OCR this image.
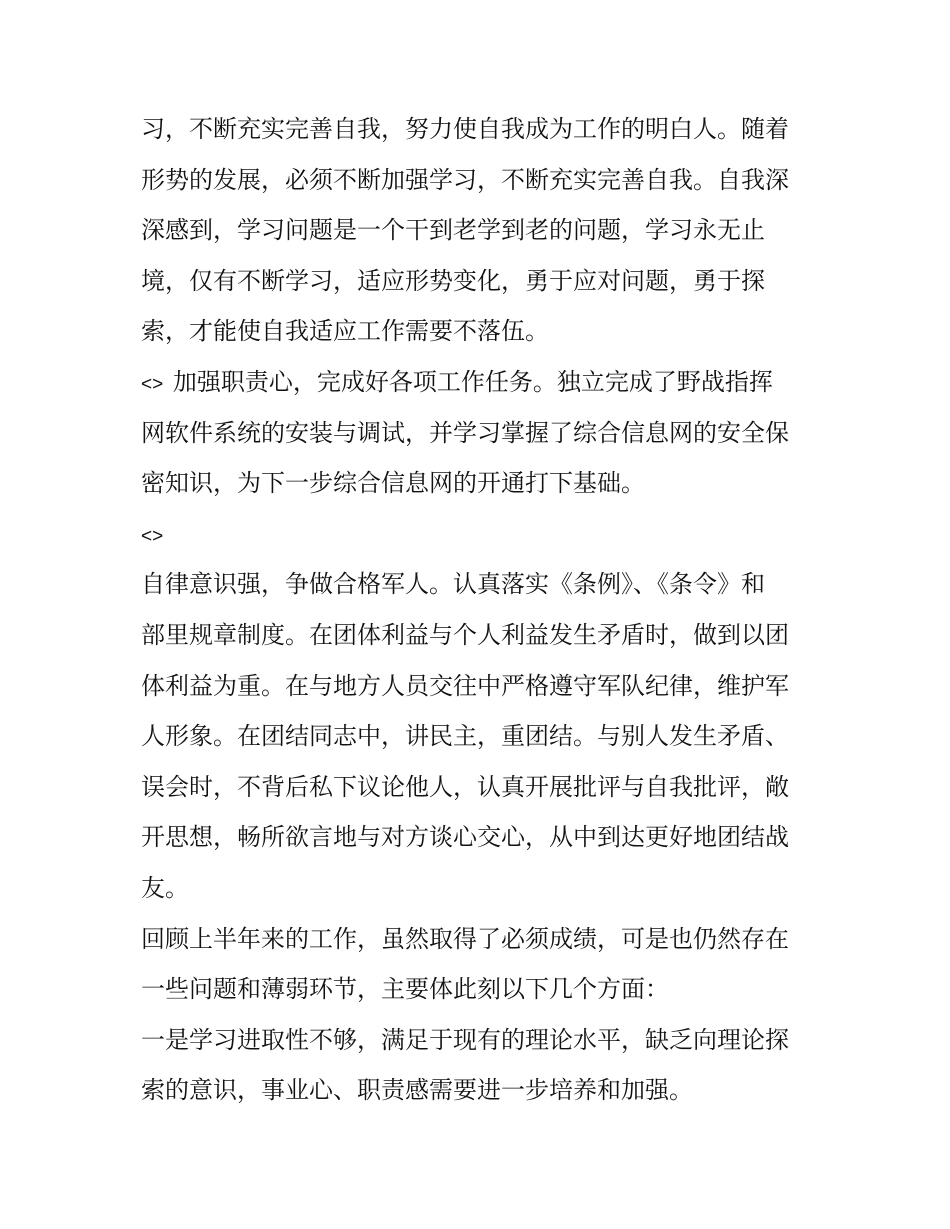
习，不断充实完善自我，努力使自我成为工作的明白人。随着
形势的发展，必须不断加强学习，不断充实完善自我。自我深
深感到，学习问题是一个干到老学到老的问题，学习永无止
境，仅有不断学习，适应形势变化，勇于应对问题，勇于探
索，才能使自我适应工作需要不落伍。
<> 加强职责心，完成好各项工作任务。独立完成了野战指挥
网软件系统的安装与调试，并学习掌握了综合信息网的安全保
密知识，为下一步综合信息网的开通打下基础。
<>
自律意识强，争做合格军人。认真落实《条例》、《条令》和
部里规章制度。在团体利益与个人利益发生矛盾时，做到以团
体利益为重。在与地方人员交往中严格遵守军队纪律，维护军
人形象。在团结同志中，讲民主，重团结。与别人发生矛盾、
误会时，不背后私下议论他人，认真开展批评与自我批评，敞
开思想，畅所欲言地与对方谈心交心，从中到达更好地团结战
友。
回顾上半年来的工作，虽然取得了必须成绩，可是也仍然存在
一些问题和薄弱环节，主要体此刻以下几个方面：
一是学习进取性不够，满足于现有的理论水平，缺乏向理论探
索的意识，事业心、职责感需要进一步培养和加强。
